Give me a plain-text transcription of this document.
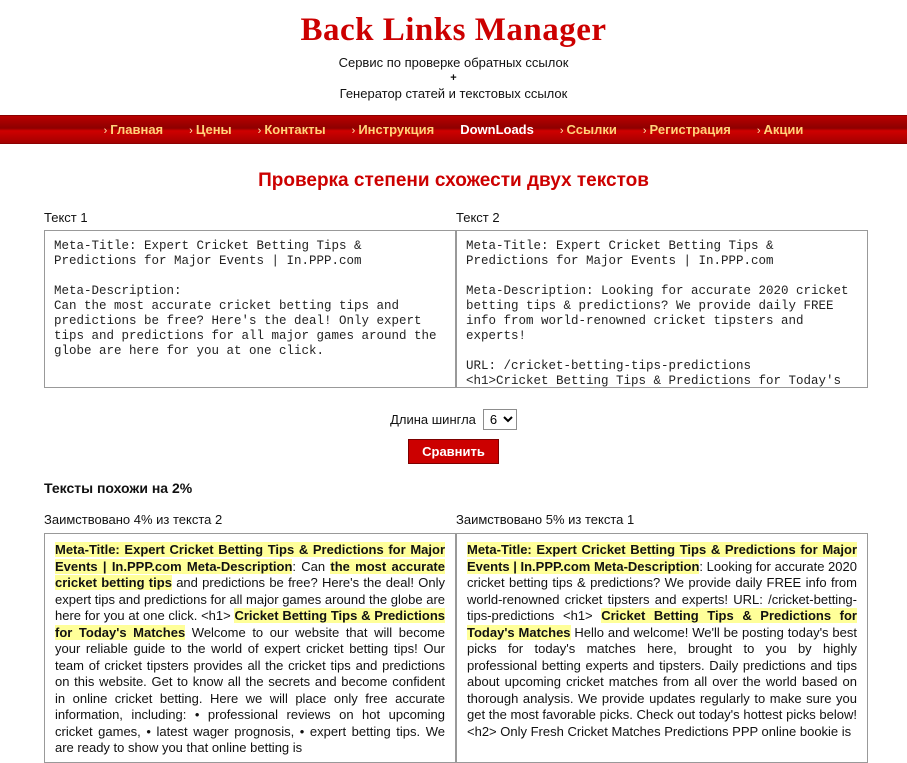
Back Links Manager
Сервис по проверке обратных ссылок
+
Генератор статей и текстовых ссылок
› Главная	› Цены	› Контакты	› Инструкция	DownLoads	› Ссылки	› Регистрация	› Акции
Проверка степени схожести двух текстов
Текст 1
Meta-Title: Expert Cricket Betting Tips & Predictions for Major Events | In.PPP.com Meta-Description: Can the most accurate cricket betting tips and predictions be free? Here's the deal! Only expert tips and predictions for all major games around the globe are here for you at one click.	Текст 2
Meta-Title: Expert Cricket Betting Tips & Predictions for Major Events | In.PPP.com Meta-Description: Looking for accurate 2020 cricket betting tips & predictions? We provide daily FREE info from world-renowned cricket tipsters and experts! URL: /cricket-betting-tips-predictions <h1>Cricket Betting Tips & Predictions for Today's Matches
Длина шингла
6
Сравнить
Тексты похожи на 2%
Заимствовано 4% из текста 2
Meta-Title: Expert Cricket Betting Tips & Predictions for Major Events | In.PPP.com Meta-Description: Can the most accurate cricket betting tips and predictions be free? Here's the deal! Only expert tips and predictions for all major games around the globe are here for you at one click. <h1> Cricket Betting Tips & Predictions for Today's Matches Welcome to our website that will become your reliable guide to the world of expert cricket betting tips! Our team of cricket tipsters provides all the cricket tips and predictions on this website. Get to know all the secrets and become confident in online cricket betting. Here we will place only free accurate information, including: • professional reviews on hot upcoming cricket games, • latest wager prognosis, • expert betting tips. We are ready to show you that online betting is
Заимствовано 5% из текста 1
Meta-Title: Expert Cricket Betting Tips & Predictions for Major Events | In.PPP.com Meta-Description: Looking for accurate 2020 cricket betting tips & predictions? We provide daily FREE info from world-renowned cricket tipsters and experts! URL: /cricket-betting-tips-predictions <h1> Cricket Betting Tips & Predictions for Today's Matches Hello and welcome! We'll be posting today's best picks for today's matches here, brought to you by highly professional betting experts and tipsters. Daily predictions and tips about upcoming cricket matches from all over the world based on thorough analysis. We provide updates regularly to make sure you get the most favorable picks. Check out today's hottest picks below! <h2> Only Fresh Cricket Matches Predictions PPP online bookie is
